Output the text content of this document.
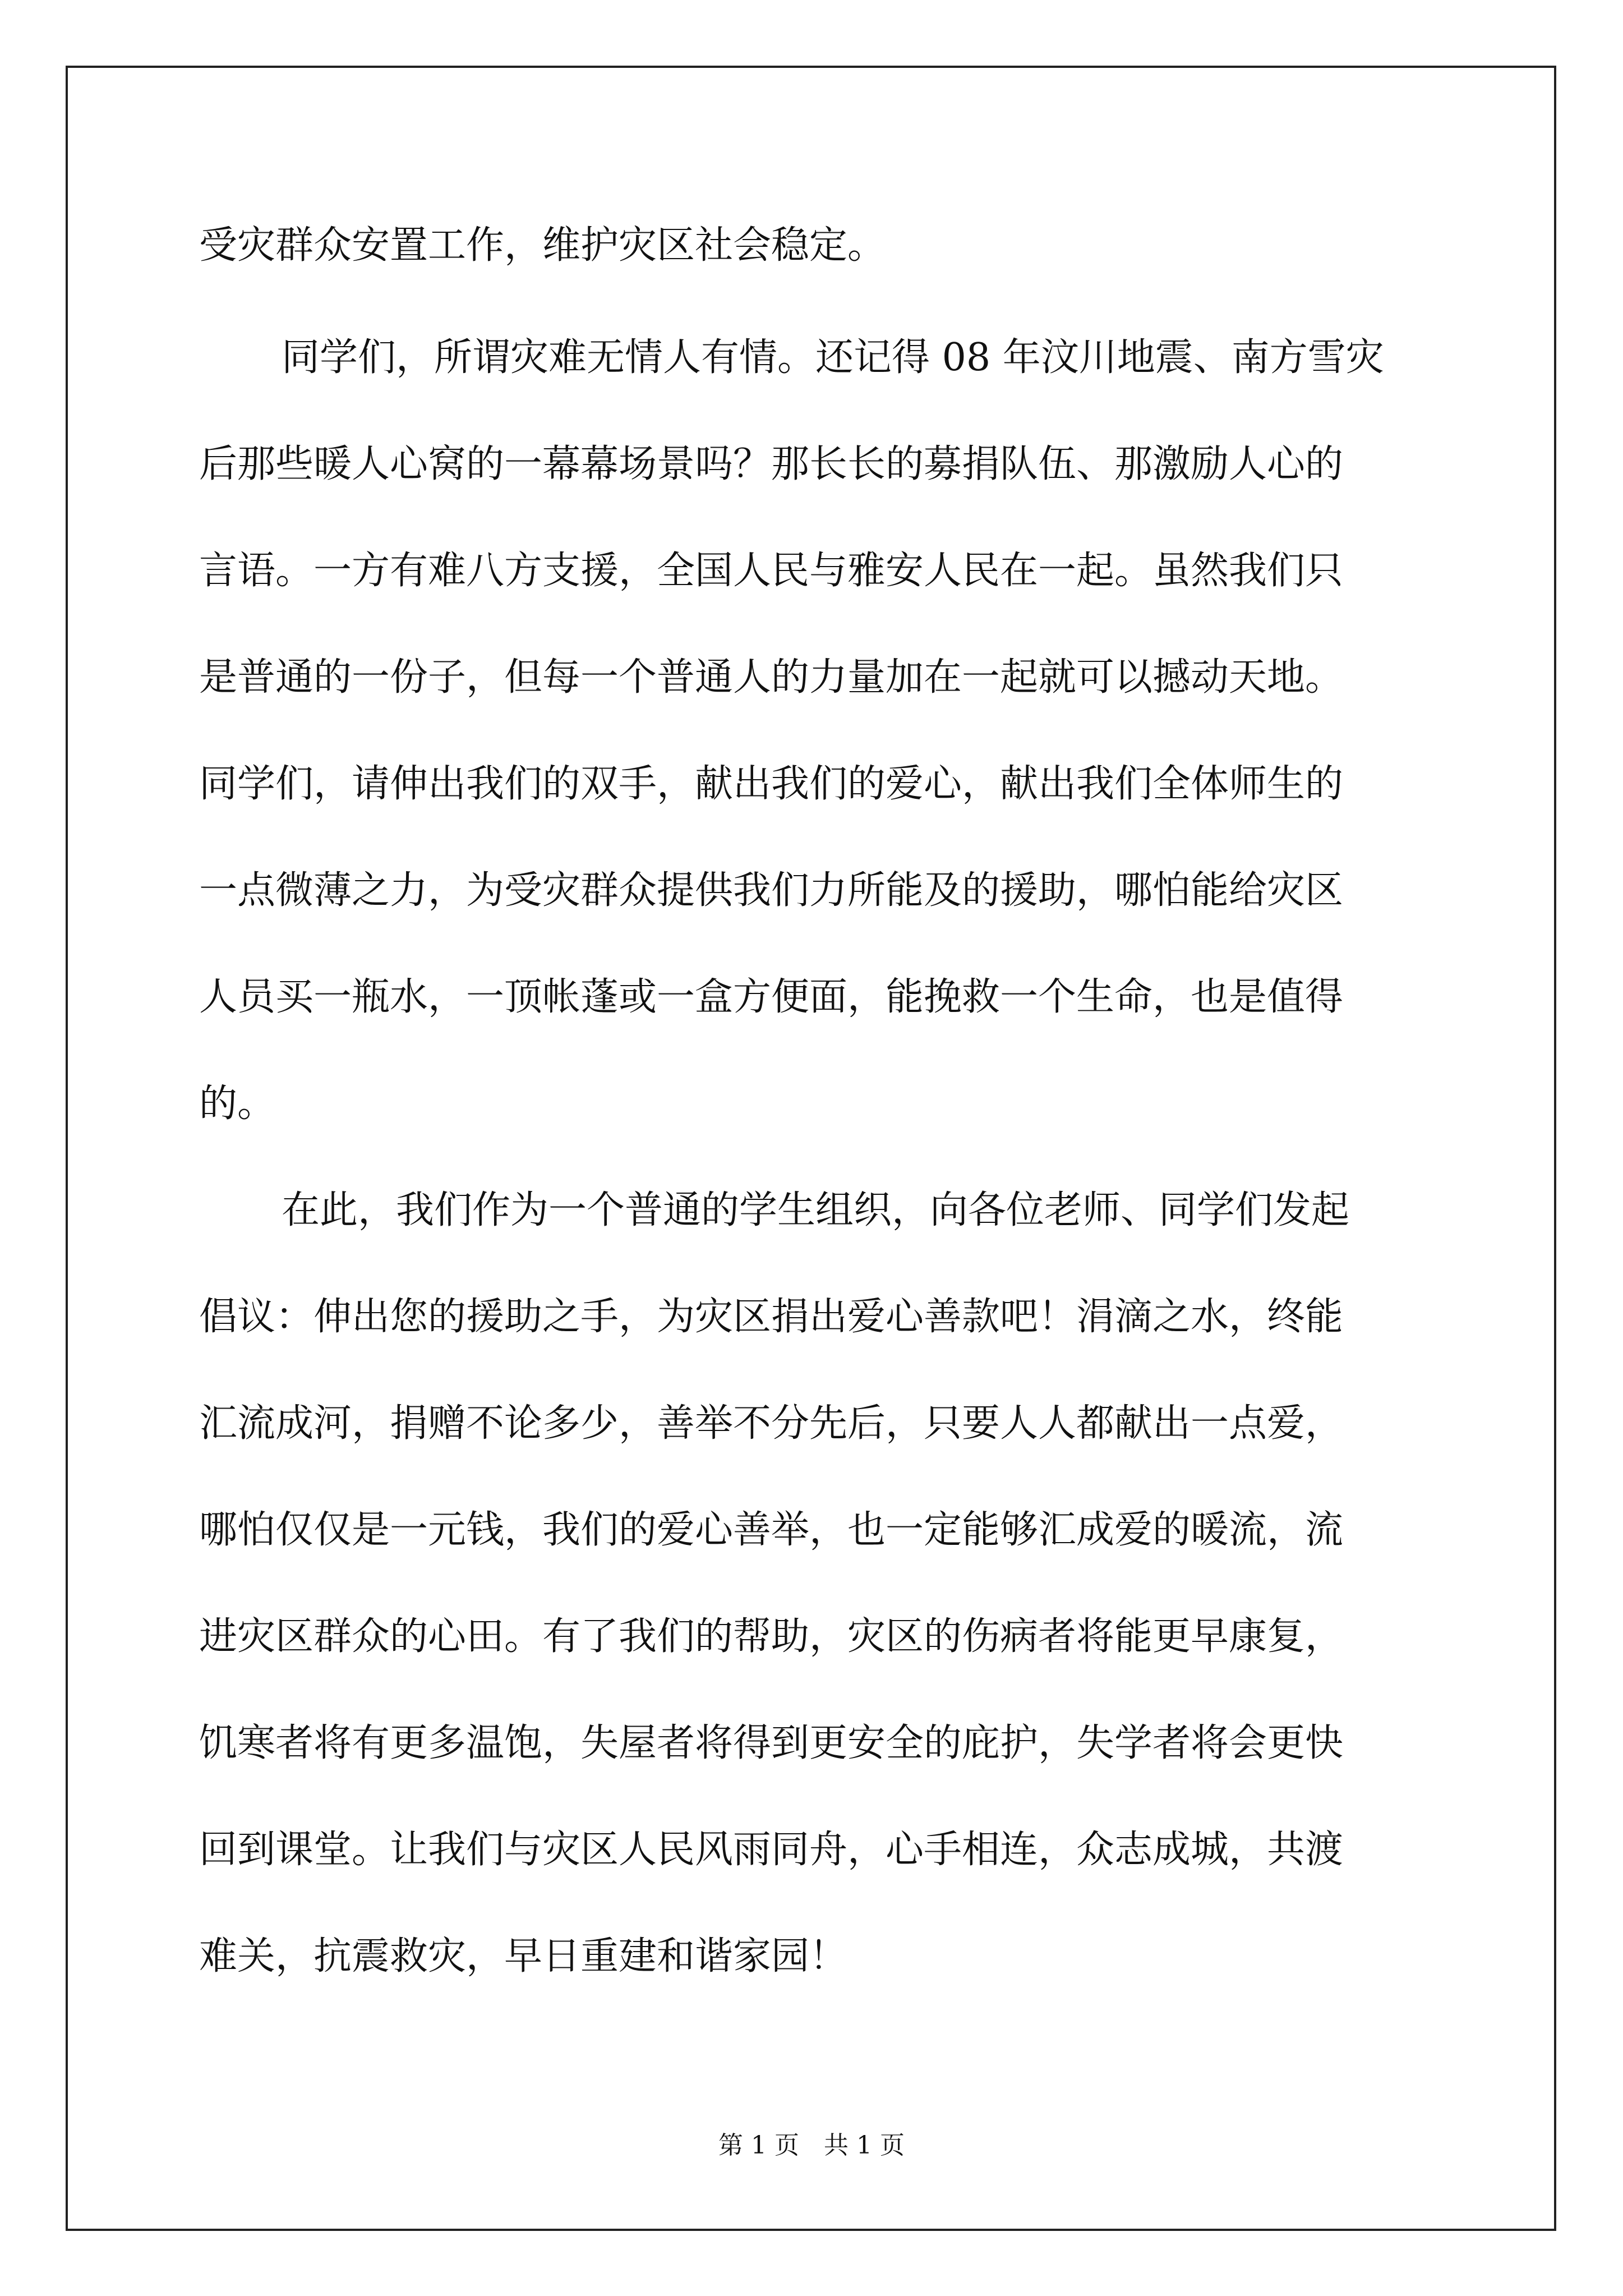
受灾群众安置工作，维护灾区社会稳定。
同学们，所谓灾难无情人有情。还记得 08 年汶川地震、南方雪灾
后那些暖人心窝的一幕幕场景吗？那长长的募捐队伍、那激励人心的
言语。一方有难八方支援，全国人民与雅安人民在一起。虽然我们只
是普通的一份子，但每一个普通人的力量加在一起就可以撼动天地。
同学们，请伸出我们的双手，献出我们的爱心，献出我们全体师生的
一点微薄之力，为受灾群众提供我们力所能及的援助，哪怕能给灾区
人员买一瓶水，一顶帐蓬或一盒方便面，能挽救一个生命，也是值得
的。
在此，我们作为一个普通的学生组织，向各位老师、同学们发起
倡议：伸出您的援助之手，为灾区捐出爱心善款吧！涓滴之水，终能
汇流成河，捐赠不论多少，善举不分先后，只要人人都献出一点爱，
哪怕仅仅是一元钱，我们的爱心善举，也一定能够汇成爱的暖流，流
进灾区群众的心田。有了我们的帮助，灾区的伤病者将能更早康复，
饥寒者将有更多温饱，失屋者将得到更安全的庇护，失学者将会更快
回到课堂。让我们与灾区人民风雨同舟，心手相连，众志成城，共渡
难关，抗震救灾，早日重建和谐家园！
第 1 页　共 1 页
